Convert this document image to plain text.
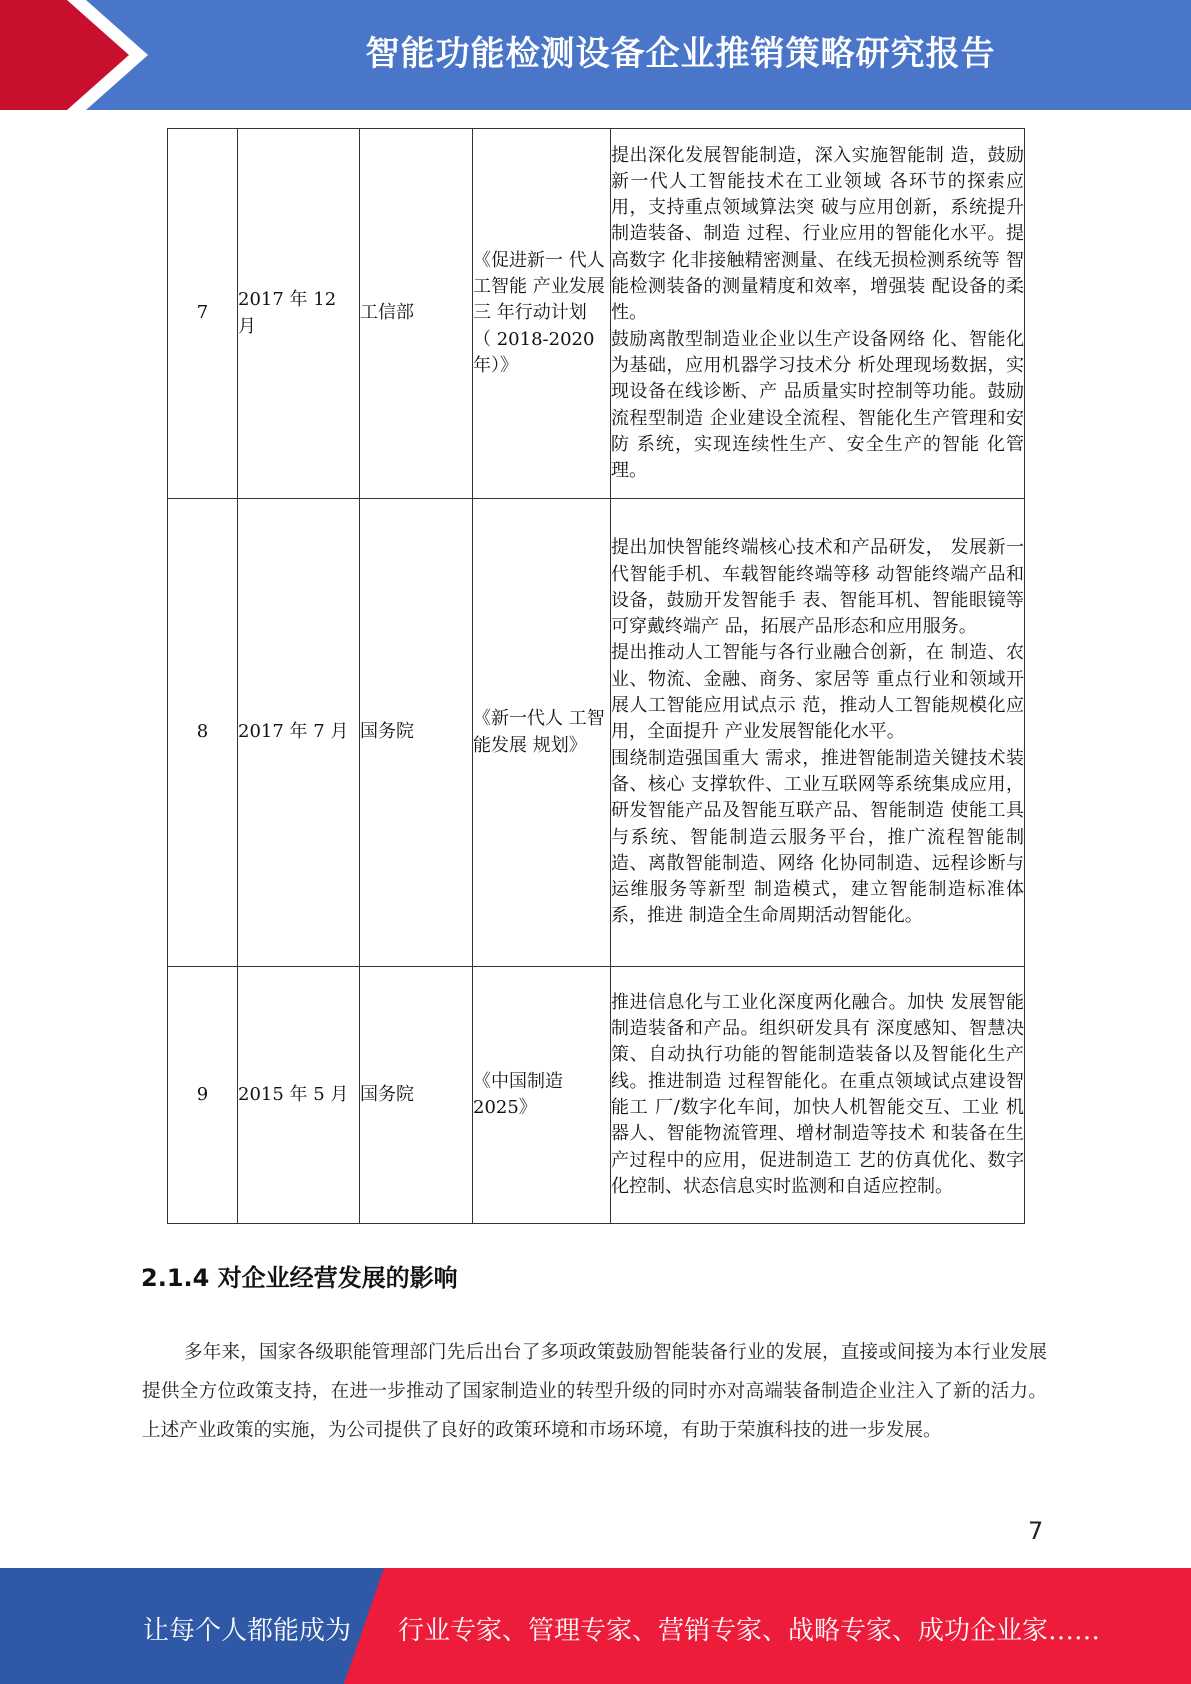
智能功能检测设备企业推销策略研究报告
7	2017 年 12 月	工信部	《促进新一 代人工智能 产业发展三 年行动计划 （ 2018-2020 年）》	提出深化发展智能制造，深入实施智能制 造，鼓励新一代人工智能技术在工业领域 各环节的探索应用，支持重点领域算法突 破与应用创新，系统提升制造装备、制造 过程、行业应用的智能化水平。提高数字 化非接触精密测量、在线无损检测系统等 智能检测装备的测量精度和效率，增强装 配设备的柔性。
鼓励离散型制造业企业以生产设备网络 化、智能化为基础，应用机器学习技术分 析处理现场数据，实现设备在线诊断、产 品质量实时控制等功能。鼓励流程型制造 企业建设全流程、智能化生产管理和安防 系统，实现连续性生产、安全生产的智能 化管理。

8	2017 年 7 月	国务院	《新一代人 工智能发展 规划》	提出加快智能终端核心技术和产品研发， 发展新一代智能手机、车载智能终端等移 动智能终端产品和设备，鼓励开发智能手 表、智能耳机、智能眼镜等可穿戴终端产 品，拓展产品形态和应用服务。
提出推动人工智能与各行业融合创新，在 制造、农业、物流、金融、商务、家居等 重点行业和领域开展人工智能应用试点示 范，推动人工智能规模化应用，全面提升 产业发展智能化水平。
围绕制造强国重大 需求，推进智能制造关键技术装备、核心 支撑软件、工业互联网等系统集成应用， 研发智能产品及智能互联产品、智能制造 使能工具与系统、智能制造云服务平台，推广流程智能制造、离散智能制造、网络 化协同制造、远程诊断与运维服务等新型 制造模式，建立智能制造标准体系，推进 制造全生命周期活动智能化。

9	2015 年 5 月	国务院	《中国制造 2025》	推进信息化与工业化深度两化融合。加快 发展智能制造装备和产品。组织研发具有 深度感知、智慧决策、自动执行功能的智能制造装备以及智能化生产线。推进制造 过程智能化。在重点领域试点建设智能工 厂/数字化车间，加快人机智能交互、工业 机器人、智能物流管理、增材制造等技术 和装备在生产过程中的应用，促进制造工 艺的仿真优化、数字化控制、状态信息实时监测和自适应控制。
2.1.4 对企业经营发展的影响

多年来，国家各级职能管理部门先后出台了多项政策鼓励智能装备行业的发展，直接或间接为本行业发展提供全方位政策支持，在进一步推动了国家制造业的转型升级的同时亦对高端装备制造企业注入了新的活力。上述产业政策的实施，为公司提供了良好的政策环境和市场环境，有助于荣旗科技的进一步发展。

7
让每个人都能成为 行业专家、管理专家、营销专家、战略专家、成功企业家……
